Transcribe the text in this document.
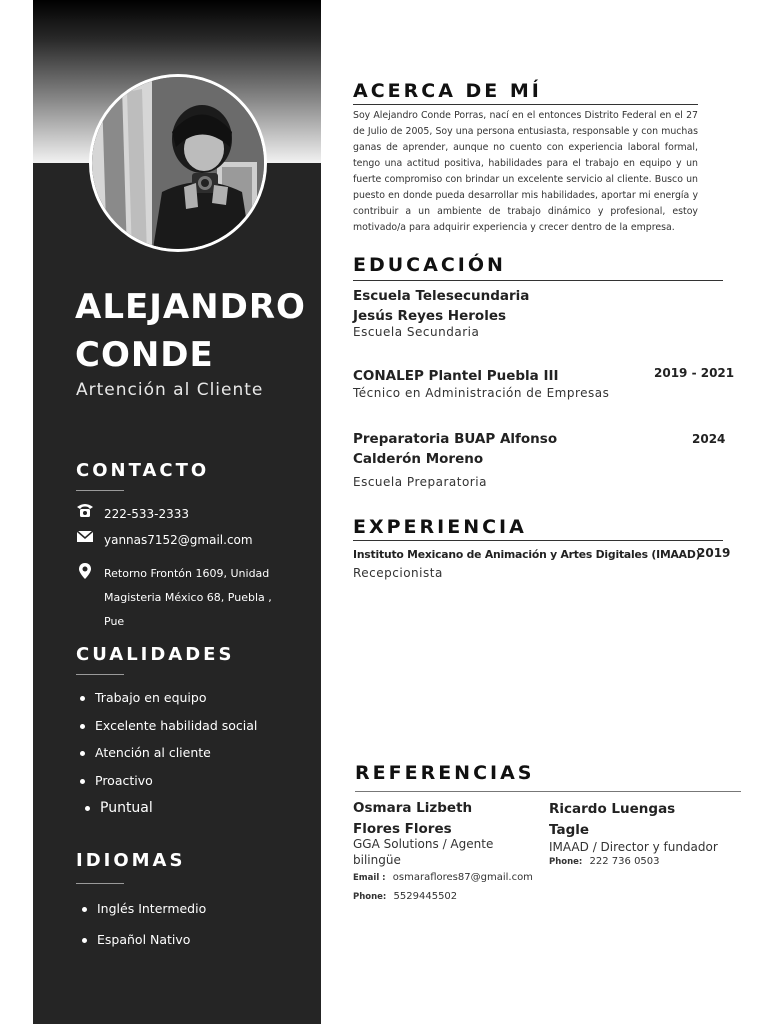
ALEJANDRO
CONDE
Artención al Cliente
CONTACTO
222-533-2333
yannas7152@gmail.com
Retorno Frontón 1609, Unidad
Magisteria México 68, Puebla , Pue
CUALIDADES
Trabajo en equipo
Excelente habilidad social
Atención al cliente
Proactivo
Puntual
IDIOMAS
Inglés Intermedio
Español Nativo
ACERCA DE MÍ
Soy Alejandro Conde Porras, nací en el entonces Distrito Federal en el 27 de Julio de 2005, Soy una persona entusiasta, responsable y con muchas ganas de aprender, aunque no cuento con experiencia laboral formal, tengo una actitud positiva, habilidades para el trabajo en equipo y un fuerte compromiso con brindar un excelente servicio al cliente. Busco un puesto en donde pueda desarrollar mis habilidades, aportar mi energía y contribuir a un ambiente de trabajo dinámico y profesional, estoy motivado/a para adquirir experiencia y crecer dentro de la empresa.
EDUCACIÓN
Escuela Telesecundaria
Jesús Reyes Heroles
Escuela Secundaria
CONALEP Plantel Puebla III	2019 - 2021
Técnico en Administración de Empresas
Preparatoria BUAP Alfonso
Calderón Moreno
2024
Escuela Preparatoria
EXPERIENCIA
Instituto Mexicano de Animación y Artes Digitales (IMAAD)
2019
Recepcionista
REFERENCIAS
Osmara Lizbeth
Flores Flores
GGA Solutions / Agente
bilingüe
Email : osmaraflores87@gmail.com
Phone: 5529445502
Ricardo Luengas
Tagle
IMAAD / Director y fundador
Phone: 222 736 0503
